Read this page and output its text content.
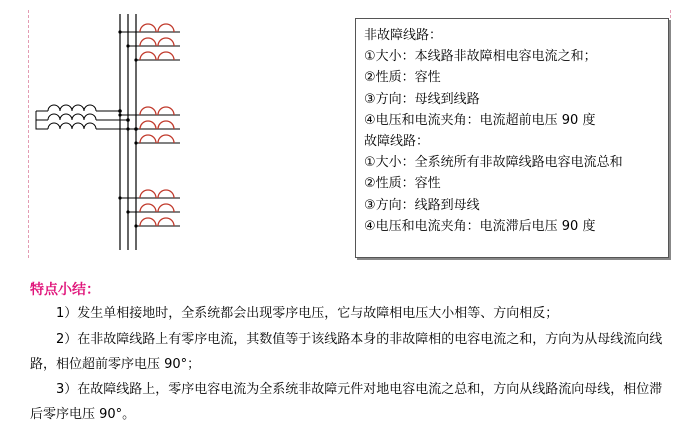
非故障线路：
①大小：本线路非故障相电容电流之和；
②性质：容性
③方向：母线到线路
④电压和电流夹角：电流超前电压 90 度
故障线路：
①大小：全系统所有非故障线路电容电流总和
②性质：容性
③方向：线路到母线
④电压和电流夹角：电流滞后电压 90 度
特点小结：
1）发生单相接地时，全系统都会出现零序电压，它与故障相电压大小相等、方向相反；
2）在非故障线路上有零序电流，其数值等于该线路本身的非故障相的电容电流之和，方向为从母线流向线路，相位超前零序电压 90°；
3）在故障线路上，零序电容电流为全系统非故障元件对地电容电流之总和，方向从线路流向母线，相位滞后零序电压 90°。
